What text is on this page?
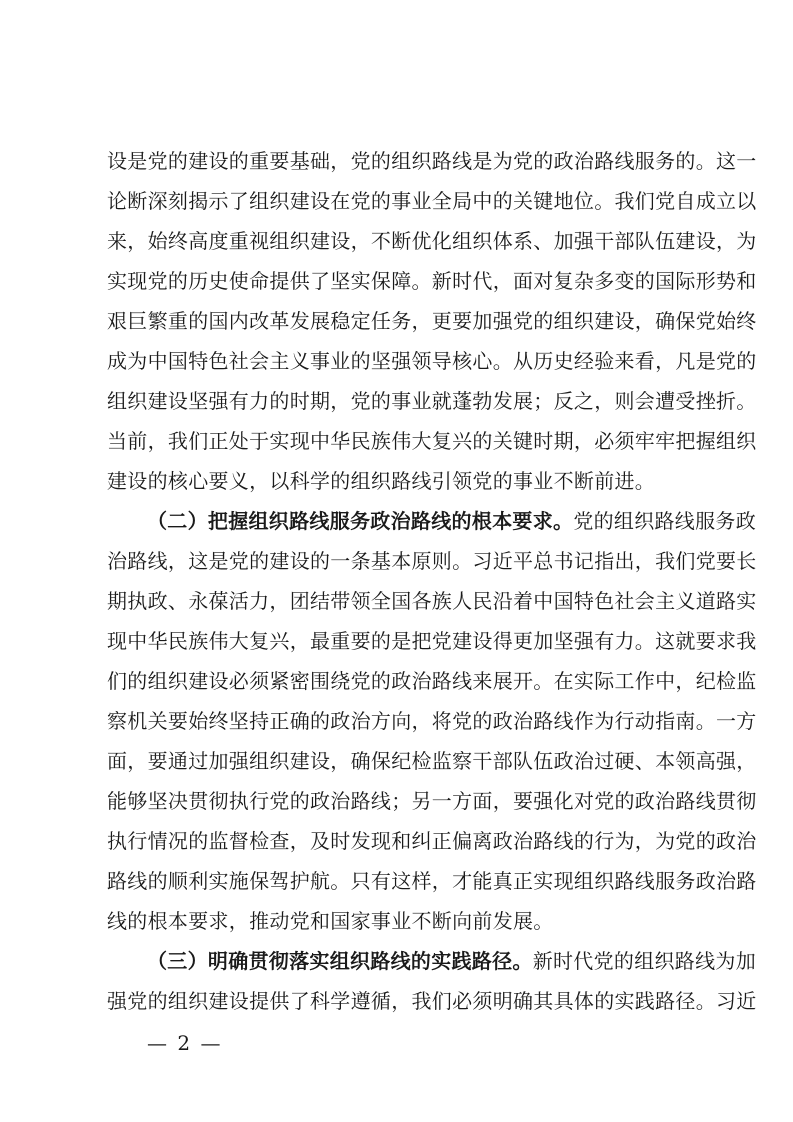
设是党的建设的重要基础，党的组织路线是为党的政治路线服务的。这一
论断深刻揭示了组织建设在党的事业全局中的关键地位。我们党自成立以
来，始终高度重视组织建设，不断优化组织体系、加强干部队伍建设，为
实现党的历史使命提供了坚实保障。新时代，面对复杂多变的国际形势和
艰巨繁重的国内改革发展稳定任务，更要加强党的组织建设，确保党始终
成为中国特色社会主义事业的坚强领导核心。从历史经验来看，凡是党的
组织建设坚强有力的时期，党的事业就蓬勃发展；反之，则会遭受挫折。
当前，我们正处于实现中华民族伟大复兴的关键时期，必须牢牢把握组织
建设的核心要义，以科学的组织路线引领党的事业不断前进。
（二）把握组织路线服务政治路线的根本要求。党的组织路线服务政
治路线，这是党的建设的一条基本原则。习近平总书记指出，我们党要长
期执政、永葆活力，团结带领全国各族人民沿着中国特色社会主义道路实
现中华民族伟大复兴，最重要的是把党建设得更加坚强有力。这就要求我
们的组织建设必须紧密围绕党的政治路线来展开。在实际工作中，纪检监
察机关要始终坚持正确的政治方向，将党的政治路线作为行动指南。一方
面，要通过加强组织建设，确保纪检监察干部队伍政治过硬、本领高强，
能够坚决贯彻执行党的政治路线；另一方面，要强化对党的政治路线贯彻
执行情况的监督检查，及时发现和纠正偏离政治路线的行为，为党的政治
路线的顺利实施保驾护航。只有这样，才能真正实现组织路线服务政治路
线的根本要求，推动党和国家事业不断向前发展。
（三）明确贯彻落实组织路线的实践路径。新时代党的组织路线为加
强党的组织建设提供了科学遵循，我们必须明确其具体的实践路径。习近
— 2 —
